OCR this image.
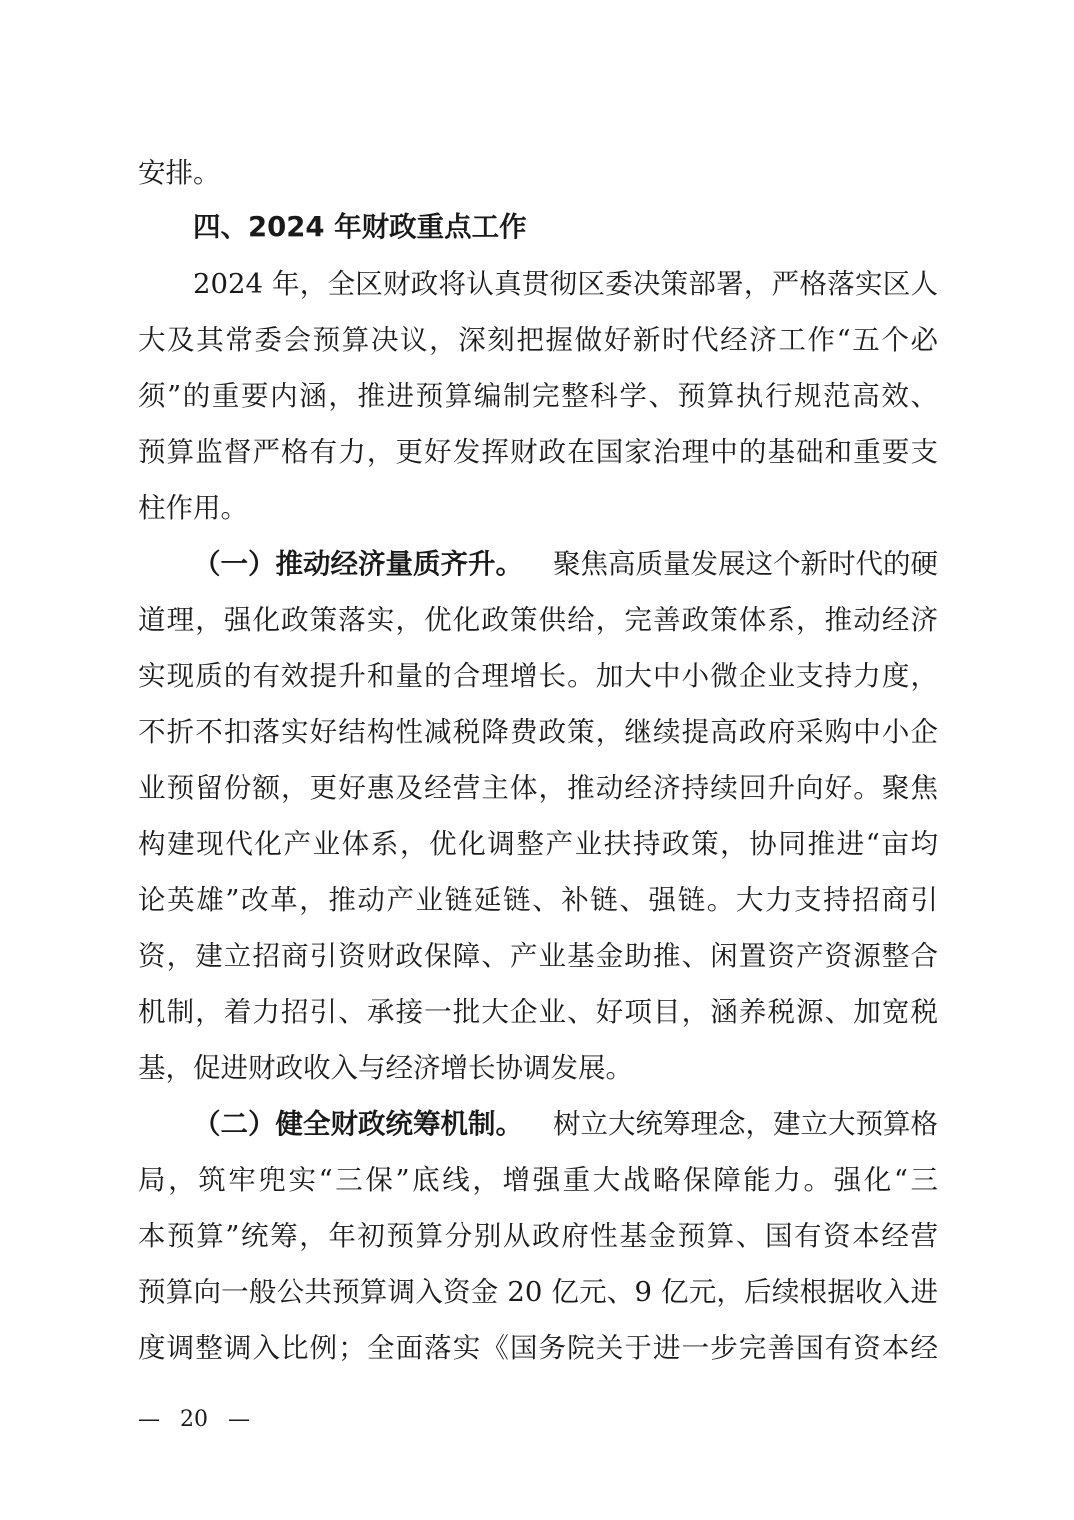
安排。
四、2024 年财政重点工作
2024 年，全区财政将认真贯彻区委决策部署，严格落实区人
大及其常委会预算决议，深刻把握做好新时代经济工作“五个必
须”的重要内涵，推进预算编制完整科学、预算执行规范高效、
预算监督严格有力，更好发挥财政在国家治理中的基础和重要支
柱作用。
（一）推动经济量质齐升。 聚焦高质量发展这个新时代的硬
道理，强化政策落实，优化政策供给，完善政策体系，推动经济
实现质的有效提升和量的合理增长。加大中小微企业支持力度，
不折不扣落实好结构性减税降费政策，继续提高政府采购中小企
业预留份额，更好惠及经营主体，推动经济持续回升向好。聚焦
构建现代化产业体系，优化调整产业扶持政策，协同推进“亩均
论英雄”改革，推动产业链延链、补链、强链。大力支持招商引
资，建立招商引资财政保障、产业基金助推、闲置资产资源整合
机制，着力招引、承接一批大企业、好项目，涵养税源、加宽税
基，促进财政收入与经济增长协调发展。
（二）健全财政统筹机制。 树立大统筹理念，建立大预算格
局，筑牢兜实“三保”底线，增强重大战略保障能力。强化“三
本预算”统筹，年初预算分别从政府性基金预算、国有资本经营
预算向一般公共预算调入资金 20 亿元、9 亿元，后续根据收入进
度调整调入比例；全面落实《国务院关于进一步完善国有资本经
— 20 —
